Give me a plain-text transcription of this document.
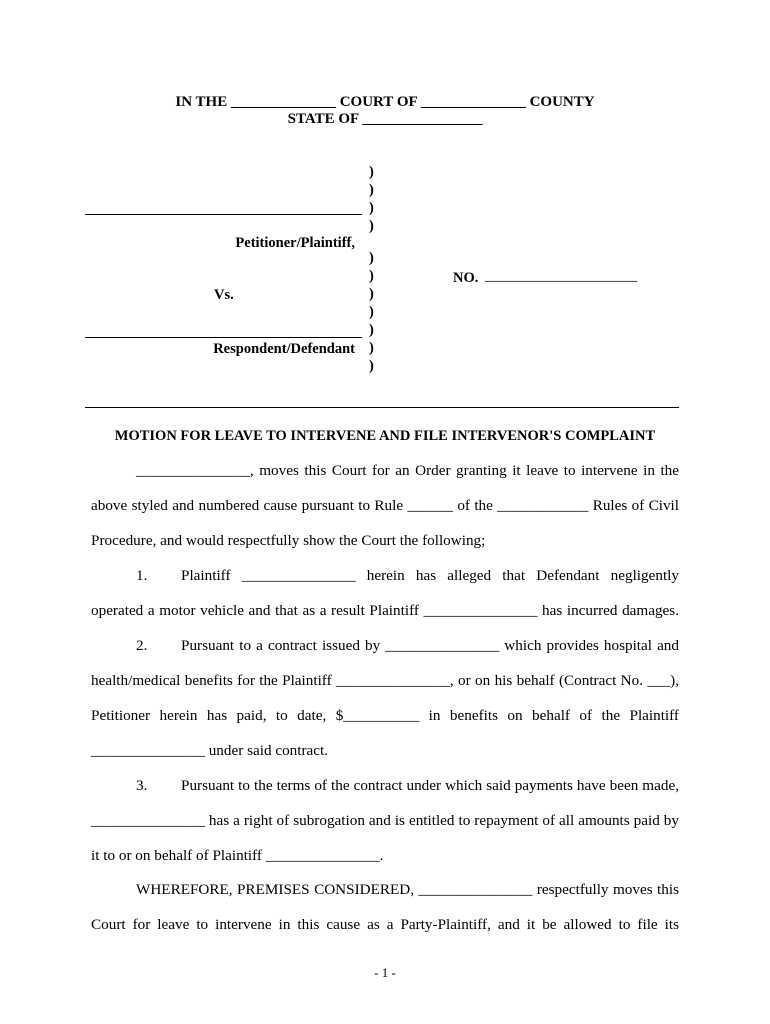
IN THE ______________ COURT OF ______________ COUNTY
STATE OF ________________
)
)
)
)
)
)
)
)
)
)
)
Petitioner/Plaintiff,
Vs.
Respondent/Defendant
NO. _____________________
MOTION FOR LEAVE TO INTERVENE AND FILE INTERVENOR'S COMPLAINT
_______________, moves this Court for an Order granting it leave to intervene in the
above styled and numbered cause pursuant to Rule ______ of the ____________ Rules of Civil
Procedure, and would respectfully show the Court the following;
1.	Plaintiff _______________ herein has alleged that Defendant negligently
operated a motor vehicle and that as a result Plaintiff _______________ has incurred damages.
2.	Pursuant to a contract issued by _______________ which provides hospital and
health/medical benefits for the Plaintiff _______________, or on his behalf (Contract No. ___),
Petitioner herein has paid, to date, $__________ in benefits on behalf of the Plaintiff
_______________ under said contract.
3.	Pursuant to the terms of the contract under which said payments have been made,
_______________ has a right of subrogation and is entitled to repayment of all amounts paid by
it to or on behalf of Plaintiff _______________.
WHEREFORE, PREMISES CONSIDERED, _______________ respectfully moves this
Court for leave to intervene in this cause as a Party-Plaintiff, and it be allowed to file its
- 1 -
